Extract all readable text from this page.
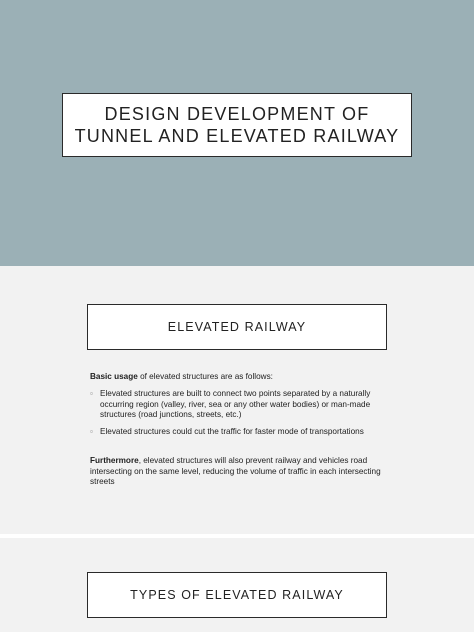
DESIGN DEVELOPMENT OF
TUNNEL AND ELEVATED RAILWAY
ELEVATED RAILWAY
Basic usage of elevated structures are as follows:
▫ Elevated structures are built to connect two points separated by a naturally occurring region (valley, river, sea or any other water bodies) or man-made structures (road junctions, streets, etc.)
▫ Elevated structures could cut the traffic for faster mode of transportations
Furthermore, elevated structures will also prevent railway and vehicles road intersecting on the same level, reducing the volume of traffic in each intersecting streets
TYPES OF ELEVATED RAILWAY
